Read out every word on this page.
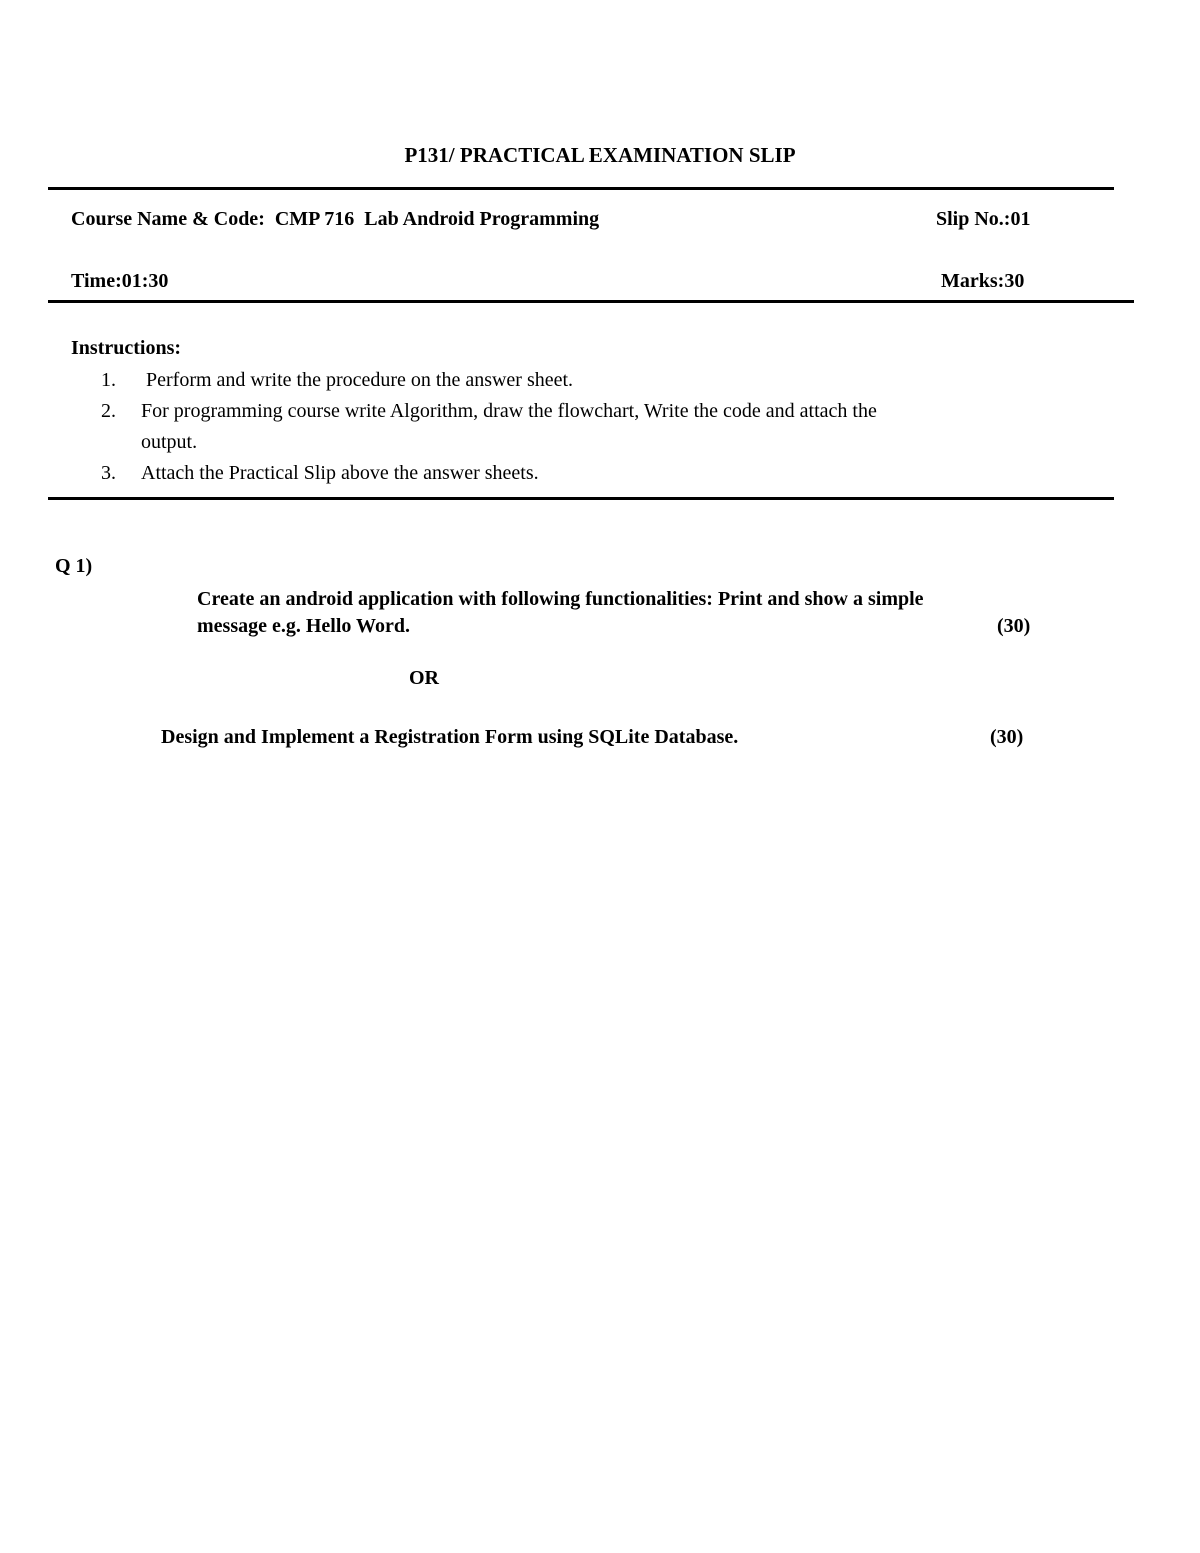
P131/ PRACTICAL EXAMINATION SLIP
Course Name & Code: CMP 716  Lab Android Programming	Slip No.:01
Time:01:30	Marks:30
Instructions:
1.	Perform and write the procedure on the answer sheet.
2.	For programming course write Algorithm, draw the flowchart, Write the code and attach the output.
3.	Attach the Practical Slip above the answer sheets.
Q 1)
Create an android application with following functionalities: Print and show a simple
message e.g. Hello Word.	(30)
OR
Design and Implement a Registration Form using SQLite Database.	(30)
